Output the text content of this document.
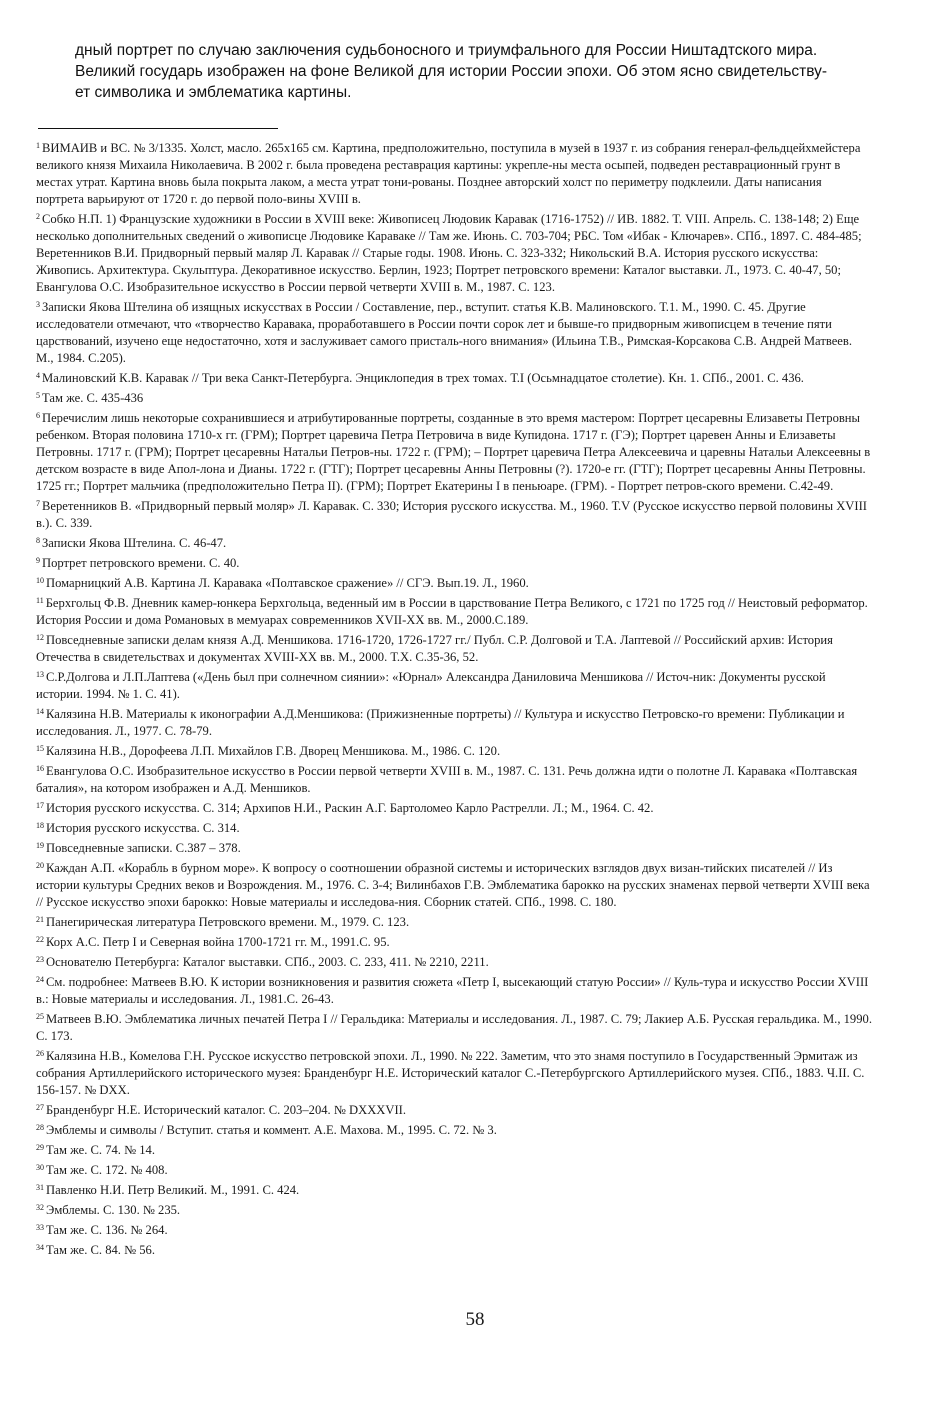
дный портрет по случаю заключения судьбоносного и триумфального для России Ништадтского мира.
Великий государь изображен на фоне Великой для истории России эпохи. Об этом ясно свидетельству-
ет символика и эмблематика картины.

$^1$ ВИМАИВ и ВС. № 3/1335. Холст, масло. 265х165 см. Картина, предположительно, поступила в музей в 1937 г. из собрания генерал-фельдцейхмейстера великого князя Михаила Николаевича. В 2002 г. была проведена реставрация картины: укрепле-ны места осыпей, подведен реставрационный грунт в местах утрат. Картина вновь была покрыта лаком, а места утрат тони-рованы. Позднее авторский холст по периметру подклеили. Даты написания портрета варьируют от 1720 г. до первой поло-вины XVIII в.

$^2$ Собко Н.П. 1) Французские художники в России в XVIII веке: Живописец Людовик Каравак (1716-1752) // ИВ. 1882. Т. VIII. Апрель. С. 138-148; 2) Еще несколько дополнительных сведений о живописце Людовике Караваке // Там же. Июнь. С. 703-704; РБС. Том «Ибак - Ключарев». СПб., 1897. С. 484-485; Веретенников В.И. Придворный первый маляр Л. Каравак // Старые годы. 1908. Июнь. С. 323-332; Никольский В.А. История русского искусства: Живопись. Архитектура. Скульптура. Декоративное искусство. Берлин, 1923; Портрет петровского времени: Каталог выставки. Л., 1973. С. 40-47, 50; Евангулова О.С. Изобразительное искусство в России первой четверти XVIII в. М., 1987. С. 123.

$^3$ Записки Якова Штелина об изящных искусствах в России / Составление, пер., вступит. статья К.В. Малиновского. Т.1. М., 1990. С. 45. Другие исследователи отмечают, что «творчество Каравака, проработавшего в России почти сорок лет и бывше-го придворным живописцем в течение пяти царствований, изучено еще недостаточно, хотя и заслуживает самого присталь-ного внимания» (Ильина Т.В., Римская-Корсакова С.В. Андрей Матвеев. М., 1984. С.205).

$^4$ Малиновский К.В. Каравак // Три века Санкт-Петербурга. Энциклопедия в трех томах. Т.I (Осьмнадцатое столетие). Кн. 1. СПб., 2001. С. 436.

$^5$ Там же. С. 435-436

$^6$ Перечислим лишь некоторые сохранившиеся и атрибутированные портреты, созданные в это время мастером: Портрет цесаревны Елизаветы Петровны ребенком. Вторая половина 1710-х гг. (ГРМ); Портрет царевича Петра Петровича в виде Купидона. 1717 г. (ГЭ); Портрет царевен Анны и Елизаветы Петровны. 1717 г. (ГРМ); Портрет цесаревны Натальи Петров-ны. 1722 г. (ГРМ); – Портрет царевича Петра Алексеевича и царевны Натальи Алексеевны в детском возрасте в виде Апол-лона и Дианы. 1722 г. (ГТГ); Портрет цесаревны Анны Петровны (?). 1720-е гг. (ГТГ); Портрет цесаревны Анны Петровны. 1725 гг.; Портрет мальчика (предположительно Петра II). (ГРМ); Портрет Екатерины I в пеньюаре. (ГРМ). - Портрет петров-ского времени. С.42-49.

$^7$ Веретенников В. «Придворный первый моляр» Л. Каравак. С. 330; История русского искусства. М., 1960. Т.V (Русское искусство первой половины XVIII в.). С. 339.

$^8$ Записки Якова Штелина. С. 46-47.

$^9$ Портрет петровского времени. С. 40.

$^{10}$ Помарницкий А.В. Картина Л. Каравака «Полтавское сражение» // СГЭ. Вып.19. Л., 1960.

$^{11}$ Берхгольц Ф.В. Дневник камер-юнкера Берхгольца, веденный им в России в царствование Петра Великого, с 1721 по 1725 год // Неистовый реформатор. История России и дома Романовых в мемуарах современников XVII-XX вв. М., 2000.С.189.

$^{12}$ Повседневные записки делам князя А.Д. Меншикова. 1716-1720, 1726-1727 гг./ Публ. С.Р. Долговой и Т.А. Лаптевой // Российский архив: История Отечества в свидетельствах и документах XVIII-XX вв. М., 2000. Т.Х. С.35-36, 52.

$^{13}$ С.Р.Долгова и Л.П.Лаптева («День был при солнечном сиянии»: «Юрнал» Александра Даниловича Меншикова // Источ-ник: Документы русской истории. 1994. № 1. С. 41).

$^{14}$ Калязина Н.В. Материалы к иконографии А.Д.Меншикова: (Прижизненные портреты) // Культура и искусство Петровско-го времени: Публикации и исследования. Л., 1977. С. 78-79.

$^{15}$ Калязина Н.В., Дорофеева Л.П. Михайлов Г.В. Дворец Меншикова. М., 1986. С. 120.

$^{16}$ Евангулова О.С. Изобразительное искусство в России первой четверти XVIII в. М., 1987. С. 131. Речь должна идти о полотне Л. Каравака «Полтавская баталия», на котором изображен и А.Д. Меншиков.

$^{17}$ История русского искусства. С. 314; Архипов Н.И., Раскин А.Г. Бартоломео Карло Растрелли. Л.; М., 1964. С. 42.

$^{18}$ История русского искусства. С. 314.

$^{19}$ Повседневные записки. С.387 – 378.

$^{20}$ Каждан А.П. «Корабль в бурном море». К вопросу о соотношении образной системы и исторических взглядов двух визан-тийских писателей // Из истории культуры Средних веков и Возрождения. М., 1976. С. 3-4; Вилинбахов Г.В. Эмблематика барокко на русских знаменах первой четверти XVIII века // Русское искусство эпохи барокко: Новые материалы и исследова-ния. Сборник статей. СПб., 1998. С. 180.

$^{21}$ Панегирическая литература Петровского времени. М., 1979. С. 123.

$^{22}$ Корх А.С. Петр I и Северная война 1700-1721 гг. М., 1991.С. 95.

$^{23}$ Основателю Петербурга: Каталог выставки. СПб., 2003. С. 233, 411. № 2210, 2211.

$^{24}$ См. подробнее: Матвеев В.Ю. К истории возникновения и развития сюжета «Петр I, высекающий статую России» // Куль-тура и искусство России XVIII в.: Новые материалы и исследования. Л., 1981.С. 26-43.

$^{25}$ Матвеев В.Ю. Эмблематика личных печатей Петра I // Геральдика: Материалы и исследования. Л., 1987. С. 79; Лакиер А.Б. Русская геральдика. М., 1990. С. 173.

$^{26}$ Калязина Н.В., Комелова Г.Н. Русское искусство петровской эпохи. Л., 1990. № 222. Заметим, что это знамя поступило в Государственный Эрмитаж из собрания Артиллерийского исторического музея: Бранденбург Н.Е. Исторический каталог С.-Петербургского Артиллерийского музея. СПб., 1883. Ч.II. С. 156-157. № DXX.

$^{27}$ Бранденбург Н.Е. Исторический каталог. С. 203–204. № DXXXVII.

$^{28}$ Эмблемы и символы / Вступит. статья и коммент. А.Е. Махова. М., 1995. С. 72. № 3.

$^{29}$ Там же. С. 74. № 14.

$^{30}$ Там же. С. 172. № 408.

$^{31}$ Павленко Н.И. Петр Великий. М., 1991. С. 424.

$^{32}$ Эмблемы. С. 130. № 235.

$^{33}$ Там же. С. 136. № 264.

$^{34}$ Там же. С. 84. № 56.

58
